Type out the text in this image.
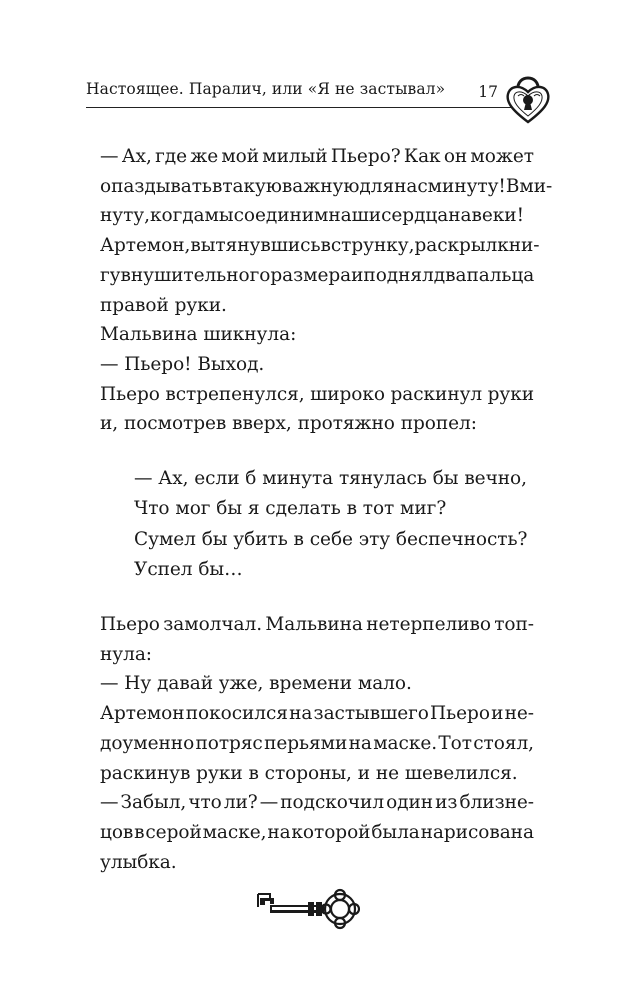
Настоящее. Паралич, или «Я не застывал» 17
— Ах, где же мой милый Пьеро? Как он может
опаздывать в такую важную для нас минуту! В ми-
нуту, когда мы соединим наши сердца навеки!
Артемон, вытянувшись в струнку, раскрыл кни-
гу внушительного размера и поднял два пальца
правой руки.
Мальвина шикнула:
— Пьеро! Выход.
Пьеро встрепенулся, широко раскинул руки
и, посмотрев вверх, протяжно пропел:
— Ах, если б минута тянулась бы вечно,
Что мог бы я сделать в тот миг?
Сумел бы убить в себе эту беспечность?
Успел бы…
Пьеро замолчал. Мальвина нетерпеливо топ-
нула:
— Ну давай уже, времени мало.
Артемон покосился на застывшего Пьеро и не-
доуменно потряс перьями на маске. Тот стоял,
раскинув руки в стороны, и не шевелился.
— Забыл, что ли? — подскочил один из близне-
цов в серой маске, на которой была нарисована
улыбка.
